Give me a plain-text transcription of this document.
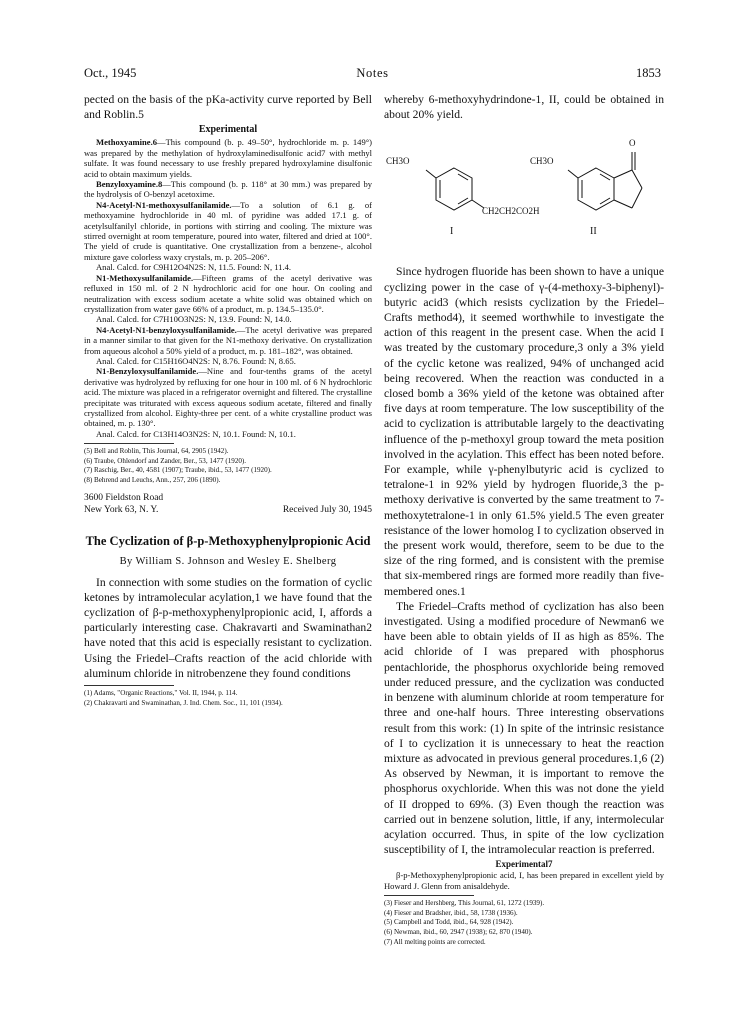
Oct., 1945	Notes	1853

pected on the basis of the pKa-activity curve reported by Bell and Roblin.5

Experimental

Methoxyamine.6—This compound (b. p. 49–50°, hydrochloride m. p. 149°) was prepared by the methylation of hydroxylaminedisulfonic acid7 with methyl sulfate. It was found necessary to use freshly prepared hydroxylamine disulfonic acid to obtain maximum yields.

Benzyloxyamine.8—This compound (b. p. 118° at 30 mm.) was prepared by the hydrolysis of O-benzyl acetoxime.

N4-Acetyl-N1-methoxysulfanilamide.—To a solution of 6.1 g. of methoxyamine hydrochloride in 40 ml. of pyridine was added 17.1 g. of acetylsulfanilyl chloride, in portions with stirring and cooling. The mixture was stirred overnight at room temperature, poured into water, filtered and dried at 100°. The yield of crude is quantitative. One crystallization from a benzene-, alcohol mixture gave colorless waxy crystals, m. p. 205–206°.

Anal. Calcd. for C9H12O4N2S: N, 11.5. Found: N, 11.4.

N1-Methoxysulfanilamide.—Fifteen grams of the acetyl derivative was refluxed in 150 ml. of 2 N hydrochloric acid for one hour. On cooling and neutralization with excess sodium acetate a white solid was obtained which on crystallization from water gave 66% of a product, m. p. 134.5–135.0°.

Anal. Calcd. for C7H10O3N2S: N, 13.9. Found: N, 14.0.

N4-Acetyl-N1-benzyloxysulfanilamide.—The acetyl derivative was prepared in a manner similar to that given for the N1-methoxy derivative. On crystallization from aqueous alcohol a 50% yield of a product, m. p. 181–182°, was obtained.

Anal. Calcd. for C15H16O4N2S: N, 8.76. Found: N, 8.65.

N1-Benzyloxysulfanilamide.—Nine and four-tenths grams of the acetyl derivative was hydrolyzed by refluxing for one hour in 100 ml. of 6 N hydrochloric acid. The mixture was placed in a refrigerator overnight and filtered. The crystalline precipitate was triturated with excess aqueous sodium acetate, filtered and finally crystallized from alcohol. Eighty-three per cent. of a white crystalline product was obtained, m. p. 130°.

Anal. Calcd. for C13H14O3N2S: N, 10.1. Found: N, 10.1.

(5) Bell and Roblin, This Journal, 64, 2905 (1942).
(6) Traube, Ohlendorf and Zander, Ber., 53, 1477 (1920).
(7) Raschig, Ber., 40, 4581 (1907); Traube, ibid., 53, 1477 (1920).
(8) Behrend and Leuchs, Ann., 257, 206 (1890).
3600 Fieldston Road
New York 63, N. Y.	Received July 30, 1945
The Cyclization of β-p-Methoxyphenylpropionic Acid
By William S. Johnson and Wesley E. Shelberg

In connection with some studies on the formation of cyclic ketones by intramolecular acylation,1 we have found that the cyclization of β-p-methoxyphenylpropionic acid, I, affords a particularly interesting case. Chakravarti and Swaminathan2 have noted that this acid is especially resistant to cyclization. Using the Friedel–Crafts reaction of the acid chloride with aluminum chloride in nitrobenzene they found conditions

(1) Adams, "Organic Reactions," Vol. II, 1944, p. 114.
(2) Chakravarti and Swaminathan, J. Ind. Chem. Soc., 11, 101 (1934).

whereby 6-methoxyhydrindone-1, II, could be obtained in about 20% yield.

CH3O
CH2CH2CO2H
I
CH3O
O
II

Since hydrogen fluoride has been shown to have a unique cyclizing power in the case of γ-(4-methoxy-3-biphenyl)-butyric acid3 (which resists cyclization by the Friedel–Crafts method4), it seemed worthwhile to investigate the action of this reagent in the present case. When the acid I was treated by the customary procedure,3 only a 3% yield of the cyclic ketone was realized, 94% of unchanged acid being recovered. When the reaction was conducted in a closed bomb a 36% yield of the ketone was obtained after five days at room temperature. The low susceptibility of the acid to cyclization is attributable largely to the deactivating influence of the p-methoxyl group toward the meta position involved in the acylation. This effect has been noted before. For example, while γ-phenylbutyric acid is cyclized to tetralone-1 in 92% yield by hydrogen fluoride,3 the p-methoxy derivative is converted by the same treatment to 7-methoxytetralone-1 in only 61.5% yield.5 The even greater resistance of the lower homolog I to cyclization observed in the present work would, therefore, seem to be due to the size of the ring formed, and is consistent with the premise that six-membered rings are formed more readily than five-membered ones.1

The Friedel–Crafts method of cyclization has also been investigated. Using a modified procedure of Newman6 we have been able to obtain yields of II as high as 85%. The acid chloride of I was prepared with phosphorus pentachloride, the phosphorus oxychloride being removed under reduced pressure, and the cyclization was conducted in benzene with aluminum chloride at room temperature for three and one-half hours. Three interesting observations result from this work: (1) In spite of the intrinsic resistance of I to cyclization it is unnecessary to heat the reaction mixture as advocated in previous general procedures.1,6 (2) As observed by Newman, it is important to remove the phosphorus oxychloride. When this was not done the yield of II dropped to 69%. (3) Even though the reaction was carried out in benzene solution, little, if any, intermolecular acylation occurred. Thus, in spite of the low cyclization susceptibility of I, the intramolecular reaction is preferred.

Experimental7

β-p-Methoxyphenylpropionic acid, I, has been prepared in excellent yield by Howard J. Glenn from anisaldehyde.

(3) Fieser and Hershberg, This Journal, 61, 1272 (1939).
(4) Fieser and Bradsher, ibid., 58, 1738 (1936).
(5) Campbell and Todd, ibid., 64, 928 (1942).
(6) Newman, ibid., 60, 2947 (1938); 62, 870 (1940).
(7) All melting points are corrected.
